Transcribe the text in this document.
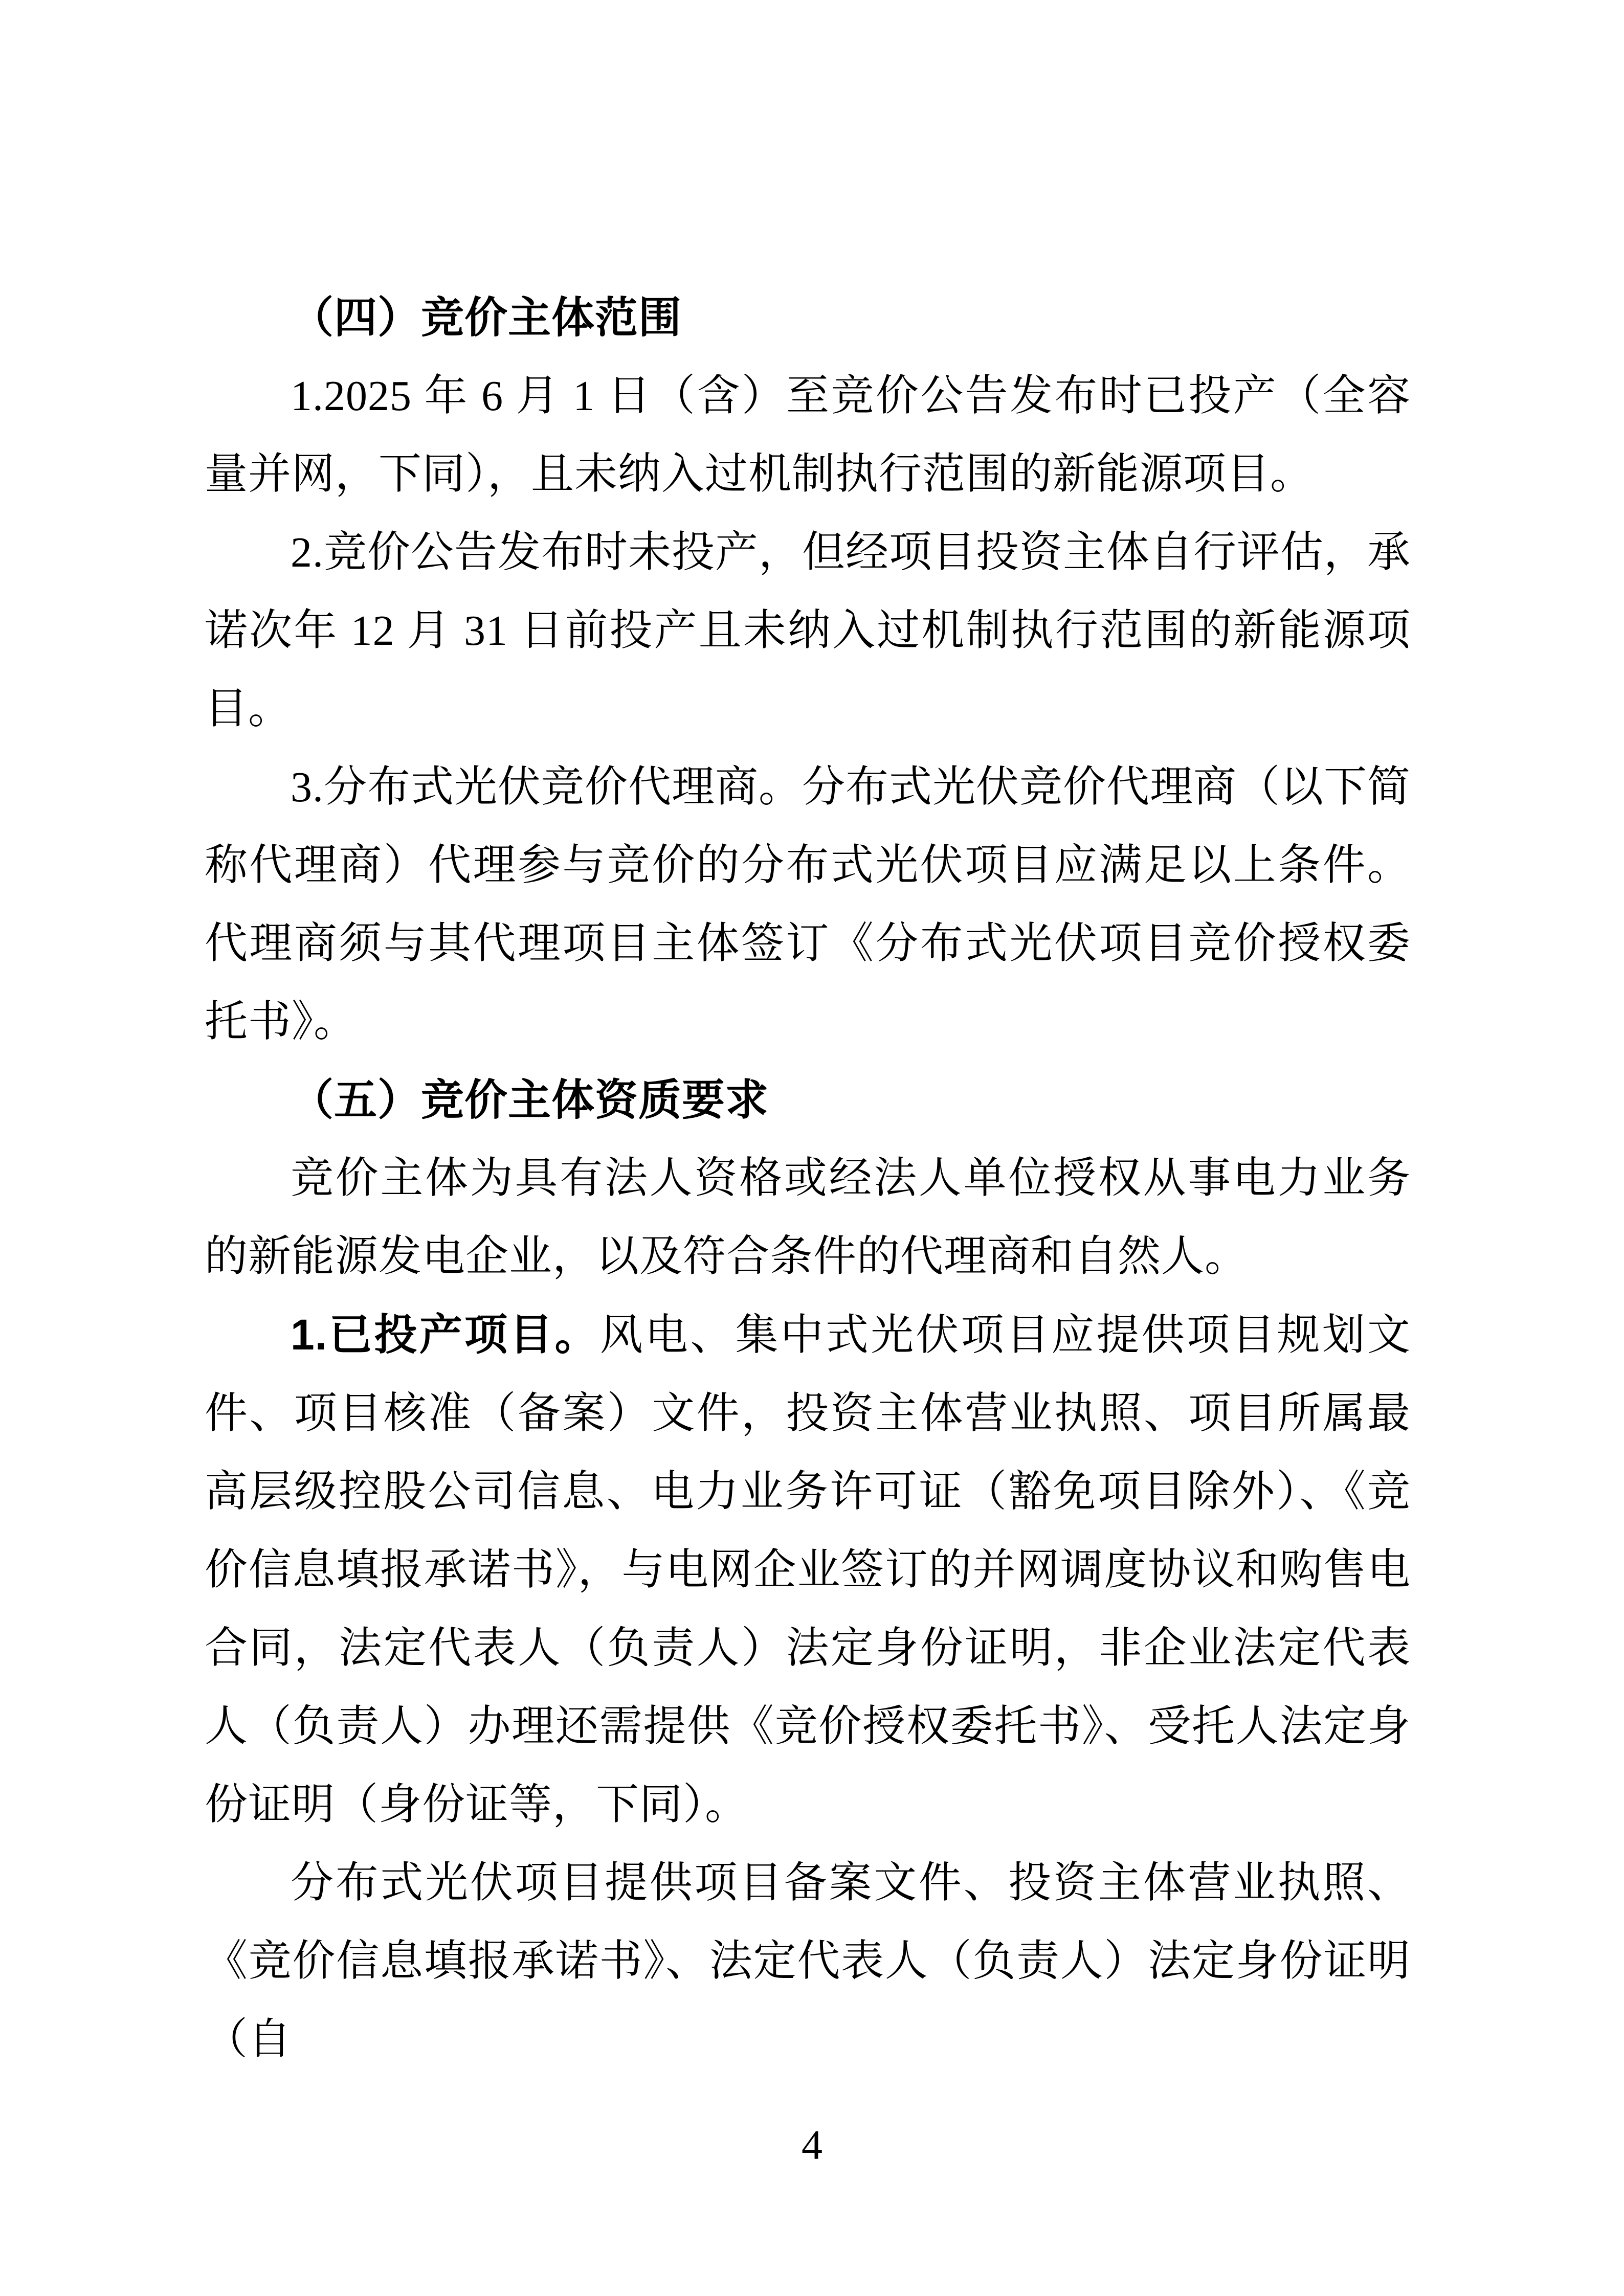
（四）竞价主体范围

1.2025 年 6 月 1 日（含）至竞价公告发布时已投产（全容量并网，下同），且未纳入过机制执行范围的新能源项目。

2.竞价公告发布时未投产，但经项目投资主体自行评估，承诺次年 12 月 31 日前投产且未纳入过机制执行范围的新能源项目。

3.分布式光伏竞价代理商。分布式光伏竞价代理商（以下简称代理商）代理参与竞价的分布式光伏项目应满足以上条件。代理商须与其代理项目主体签订《分布式光伏项目竞价授权委托书》。

（五）竞价主体资质要求

竞价主体为具有法人资格或经法人单位授权从事电力业务的新能源发电企业，以及符合条件的代理商和自然人。

1.已投产项目。风电、集中式光伏项目应提供项目规划文件、项目核准（备案）文件，投资主体营业执照、项目所属最高层级控股公司信息、电力业务许可证（豁免项目除外）、《竞价信息填报承诺书》，与电网企业签订的并网调度协议和购售电合同，法定代表人（负责人）法定身份证明，非企业法定代表人（负责人）办理还需提供《竞价授权委托书》、受托人法定身份证明（身份证等，下同）。

分布式光伏项目提供项目备案文件、投资主体营业执照、《竞价信息填报承诺书》、法定代表人（负责人）法定身份证明（自

4
